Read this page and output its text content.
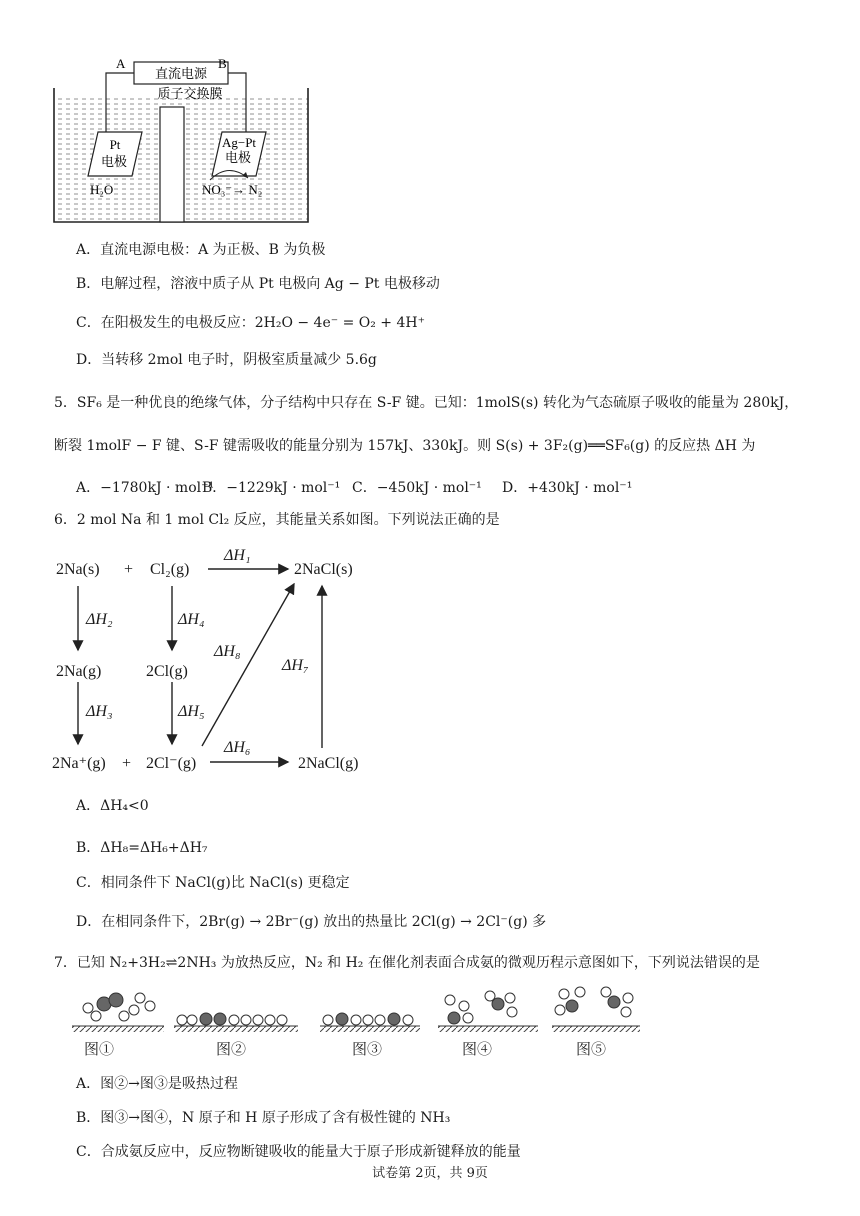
A	B
直流电源
质子交换膜
Pt
电极
Ag−Pt
电极
H₂O	NO₃⁻→ N₂
A．直流电源电极：A 为正极、B 为负极
B．电解过程，溶液中质子从 Pt 电极向 Ag − Pt 电极移动
C．在阳极发生的电极反应：2H₂O − 4e⁻ = O₂ + 4H⁺
D．当转移 2mol 电子时，阴极室质量减少 5.6g
5．SF₆ 是一种优良的绝缘气体，分子结构中只存在 S-F 键。已知：1molS(s) 转化为气态硫原子吸收的能量为 280kJ，
断裂 1molF − F 键、S-F 键需吸收的能量分别为 157kJ、330kJ。则 S(s) + 3F₂(g)══SF₆(g) 的反应热 ΔH 为
A．−1780kJ · mol⁻¹
B．−1229kJ · mol⁻¹ C．−450kJ · mol⁻¹ D．+430kJ · mol⁻¹
6．2 mol Na 和 1 mol Cl₂ 反应，其能量关系如图。下列说法正确的是
2Na(s) + Cl₂(g)	2NaCl(s)
2Na(g)	2Cl(g)
2Na⁺(g) + 2Cl⁻(g)	2NaCl(g)
ΔH₁
ΔH₂
ΔH₃
ΔH₄
ΔH₅
ΔH₆
ΔH₇
ΔH₈
A．ΔH₄<0
B．ΔH₈=ΔH₆+ΔH₇
C．相同条件下 NaCl(g)比 NaCl(s) 更稳定
D．在相同条件下，2Br(g) → 2Br⁻(g) 放出的热量比 2Cl(g) → 2Cl⁻(g) 多
7．已知 N₂+3H₂⇌2NH₃ 为放热反应，N₂ 和 H₂ 在催化剂表面合成氨的微观历程示意图如下，下列说法错误的是
图①	图②	图③	图④	图⑤
A．图②→图③是吸热过程
B．图③→图④，N 原子和 H 原子形成了含有极性键的 NH₃
C．合成氨反应中，反应物断键吸收的能量大于原子形成新键释放的能量
试卷第 2页，共 9页
